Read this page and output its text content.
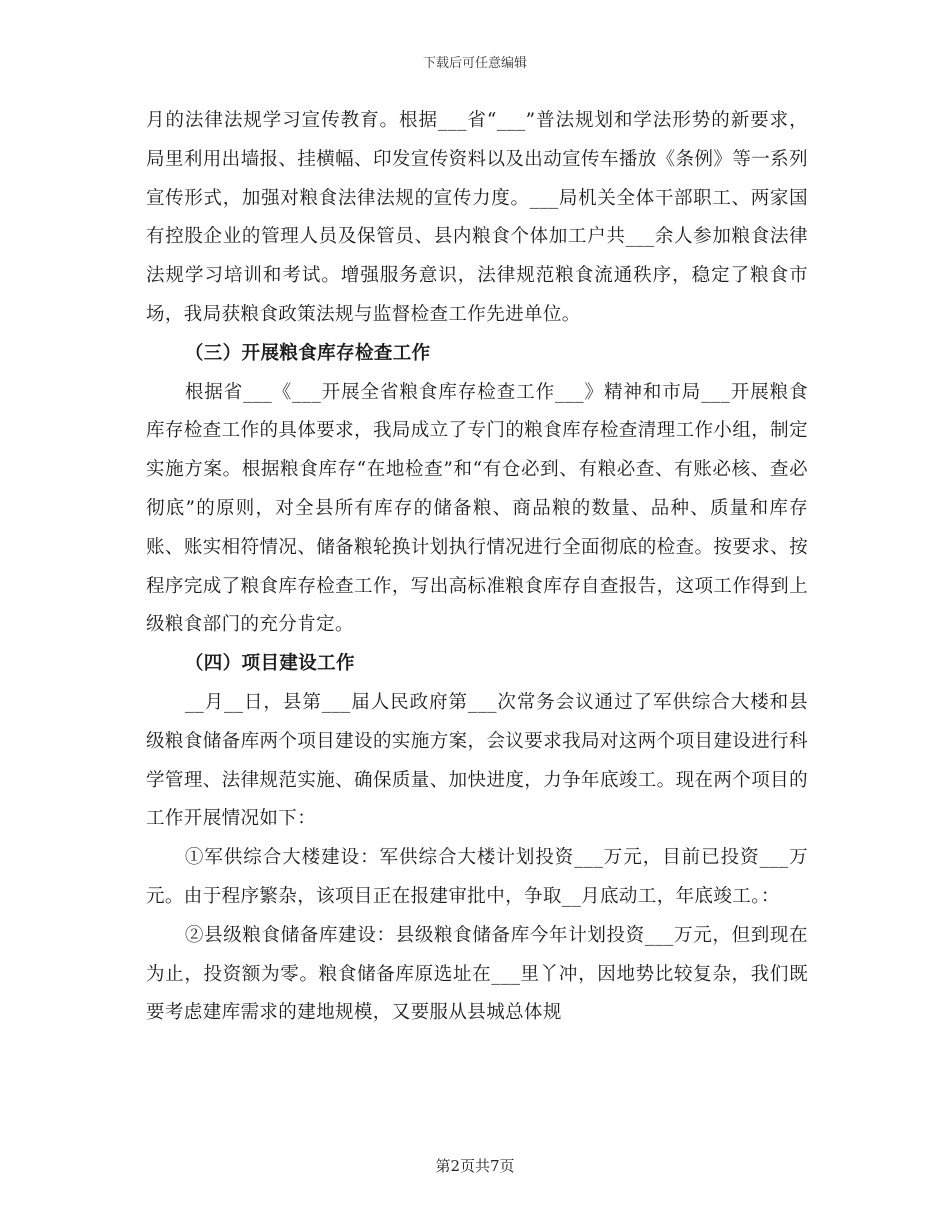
下载后可任意编辑

月的法律法规学习宣传教育。根据___省“___”普法规划和学法形势的新要求，局里利用出墙报、挂横幅、印发宣传资料以及出动宣传车播放《条例》等一系列宣传形式，加强对粮食法律法规的宣传力度。___局机关全体干部职工、两家国有控股企业的管理人员及保管员、县内粮食个体加工户共___余人参加粮食法律法规学习培训和考试。增强服务意识，法律规范粮食流通秩序，稳定了粮食市场，我局获粮食政策法规与监督检查工作先进单位。

（三）开展粮食库存检查工作

根据省___《___开展全省粮食库存检查工作___》精神和市局___开展粮食库存检查工作的具体要求，我局成立了专门的粮食库存检查清理工作小组，制定实施方案。根据粮食库存“在地检查”和“有仓必到、有粮必查、有账必核、查必彻底”的原则，对全县所有库存的储备粮、商品粮的数量、品种、质量和库存账、账实相符情况、储备粮轮换计划执行情况进行全面彻底的检查。按要求、按程序完成了粮食库存检查工作，写出高标准粮食库存自查报告，这项工作得到上级粮食部门的充分肯定。

（四）项目建设工作

__月__日，县第___届人民政府第___次常务会议通过了军供综合大楼和县级粮食储备库两个项目建设的实施方案，会议要求我局对这两个项目建设进行科学管理、法律规范实施、确保质量、加快进度，力争年底竣工。现在两个项目的工作开展情况如下：

①军供综合大楼建设：军供综合大楼计划投资___万元，目前已投资___万元。由于程序繁杂，该项目正在报建审批中，争取__月底动工，年底竣工。：

②县级粮食储备库建设：县级粮食储备库今年计划投资___万元，但到现在为止，投资额为零。粮食储备库原选址在___里丫冲，因地势比较复杂，我们既要考虑建库需求的建地规模，又要服从县城总体规

第2页共7页
